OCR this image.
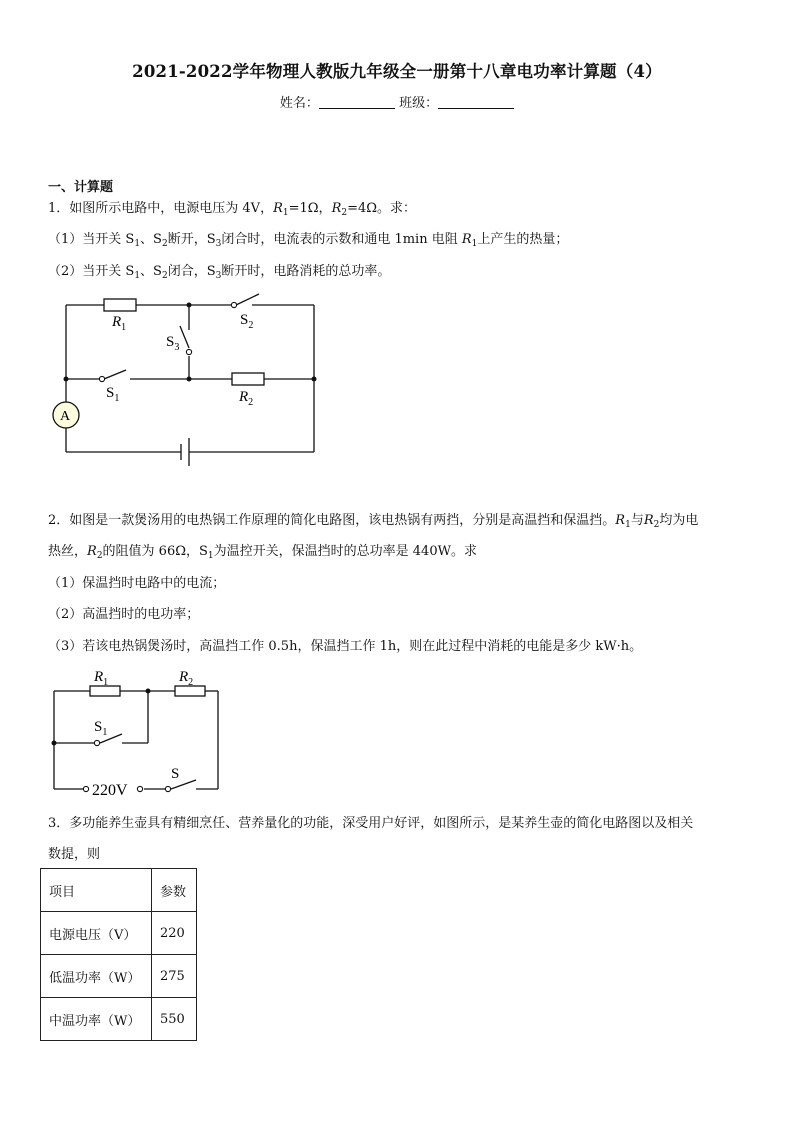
2021-2022学年物理人教版九年级全一册第十八章电功率计算题（4）
姓名：	班级：
一、计算题
1．如图所示电路中，电源电压为 4V，$R_1=1\Omega$，$R_2=4\Omega$。求：
（1）当开关 $S_1$、$S_2$断开，$S_3$闭合时，电流表的示数和通电 1min 电阻 $R_1$上产生的热量；
（2）当开关 $S_1$、$S_2$闭合，$S_3$断开时，电路消耗的总功率。
$R_1$	$S_2$
$S_3$
$S_1$	$R_2$
A
2．如图是一款煲汤用的电热锅工作原理的简化电路图，该电热锅有两挡，分别是高温挡和保温挡。$R_1$与$R_2$均为电
热丝，$R_2$的阻值为 66Ω，$S_1$为温控开关，保温挡时的总功率是 440W。求
（1）保温挡时电路中的电流；
（2）高温挡时的电功率；
（3）若该电热锅煲汤时，高温挡工作 0.5h，保温挡工作 1h，则在此过程中消耗的电能是多少 kW·h。
$R_1$	$R_2$
$S_1$
S
220V
3．多功能养生壶具有精细烹任、营养量化的功能，深受用户好评，如图所示，是某养生壶的简化电路图以及相关
数提，则
项目	参数
电源电压（V）	220
低温功率（W）	275
中温功率（W）	550
